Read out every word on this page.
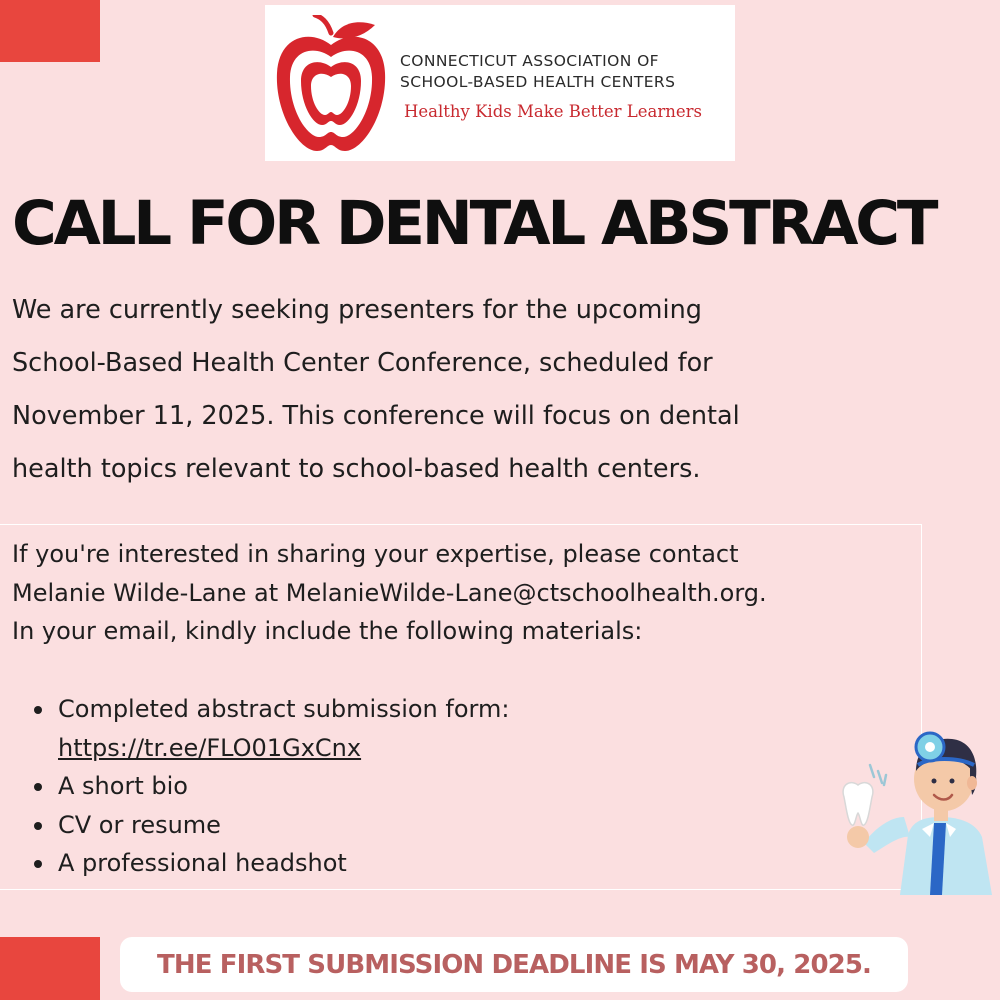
CONNECTICUT ASSOCIATION OF
SCHOOL-BASED HEALTH CENTERS
Healthy Kids Make Better Learners
CALL FOR DENTAL ABSTRACT

We are currently seeking presenters for the upcoming

School-Based Health Center Conference, scheduled for

November 11, 2025. This conference will focus on dental

health topics relevant to school-based health centers.

If you're interested in sharing your expertise, please contact

Melanie Wilde-Lane at MelanieWilde-Lane@ctschoolhealth.org.

In your email, kindly include the following materials:

Completed abstract submission form:
https://tr.ee/FLO01GxCnx
A short bio
CV or resume
A professional headshot
THE FIRST SUBMISSION DEADLINE IS MAY 30, 2025.
